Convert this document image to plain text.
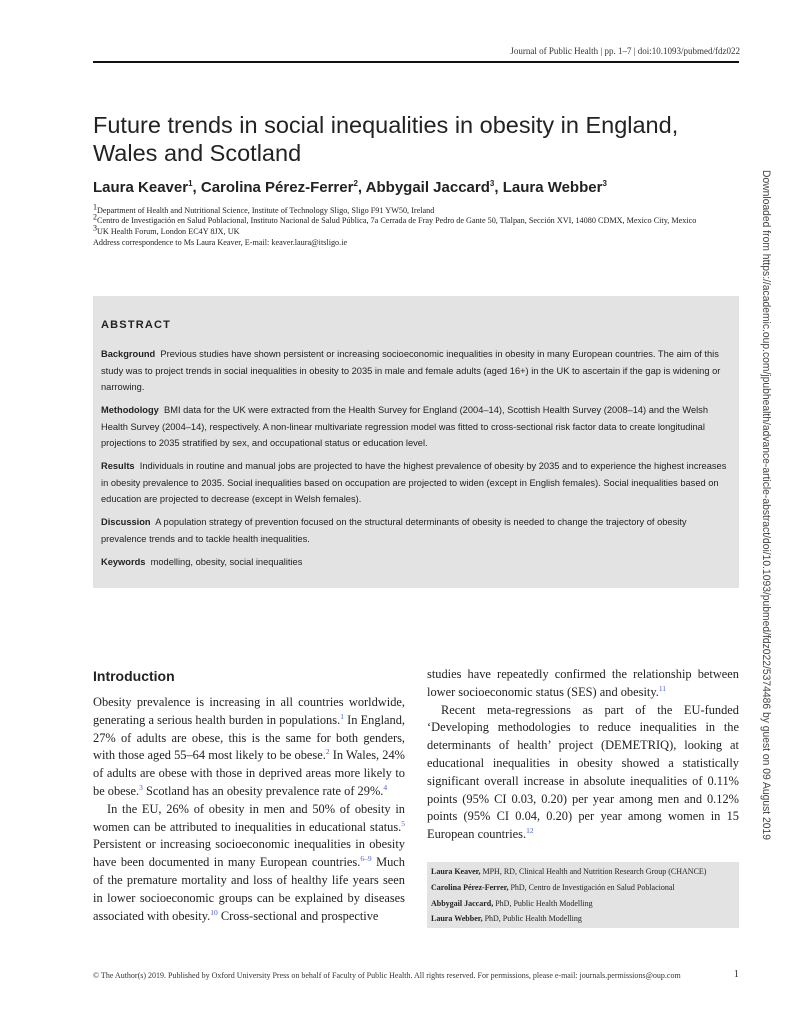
Journal of Public Health | pp. 1–7 | doi:10.1093/pubmed/fdz022
Future trends in social inequalities in obesity in England, Wales and Scotland
Laura Keaver$^1$, Carolina Pérez-Ferrer$^2$, Abbygail Jaccard$^3$, Laura Webber$^3$
$^1$Department of Health and Nutritional Science, Institute of Technology Sligo, Sligo F91 YW50, Ireland
$^2$Centro de Investigación en Salud Poblacional, Instituto Nacional de Salud Pública, 7a Cerrada de Fray Pedro de Gante 50, Tlalpan, Sección XVI, 14080 CDMX, Mexico City, Mexico
$^3$UK Health Forum, London EC4Y 8JX, UK
Address correspondence to Ms Laura Keaver, E-mail: keaver.laura@itsligo.ie	Downloaded from https://academic.oup.com/jpubhealth/advance-article-abstract/doi/10.1093/pubmed/fdz022/5374486 by guest on 09 August 2019
ABSTRACT
Background Previous studies have shown persistent or increasing socioeconomic inequalities in obesity in many European countries. The aim of this study was to project trends in social inequalities in obesity to 2035 in male and female adults (aged 16+) in the UK to ascertain if the gap is widening or narrowing.
Methodology BMI data for the UK were extracted from the Health Survey for England (2004–14), Scottish Health Survey (2008–14) and the Welsh Health Survey (2004–14), respectively. A non-linear multivariate regression model was fitted to cross-sectional risk factor data to create longitudinal projections to 2035 stratified by sex, and occupational status or education level.
Results Individuals in routine and manual jobs are projected to have the highest prevalence of obesity by 2035 and to experience the highest increases in obesity prevalence to 2035. Social inequalities based on occupation are projected to widen (except in English females). Social inequalities based on education are projected to decrease (except in Welsh females).
Discussion A population strategy of prevention focused on the structural determinants of obesity is needed to change the trajectory of obesity prevalence trends and to tackle health inequalities.
Keywords modelling, obesity, social inequalities
Introduction

Obesity prevalence is increasing in all countries worldwide, generating a serious health burden in populations.$^1$ In England, 27% of adults are obese, this is the same for both genders, with those aged 55–64 most likely to be obese.$^2$ In Wales, 24% of adults are obese with those in deprived areas more likely to be obese.$^3$ Scotland has an obesity prevalence rate of 29%.$^4$

In the EU, 26% of obesity in men and 50% of obesity in women can be attributed to inequalities in educational status.$^5$ Persistent or increasing socioeconomic inequalities in obesity have been documented in many European countries.$^{6-9}$ Much of the premature mortality and loss of healthy life years seen in lower socioeconomic groups can be explained by diseases associated with obesity.$^{10}$ Cross-sectional and prospective

studies have repeatedly confirmed the relationship between lower socioeconomic status (SES) and obesity.$^{11}$

Recent meta-regressions as part of the EU-funded ‘Developing methodologies to reduce inequalities in the determinants of health’ project (DEMETRIQ), looking at educational inequalities in obesity showed a statistically significant overall increase in absolute inequalities of 0.11% points (95% CI 0.03, 0.20) per year among men and 0.12% points (95% CI 0.04, 0.20) per year among women in 15 European countries.$^{12}$

Laura Keaver, MPH, RD, Clinical Health and Nutrition Research Group (CHANCE)
Carolina Pérez-Ferrer, PhD, Centro de Investigación en Salud Poblacional
Abbygail Jaccard, PhD, Public Health Modelling
Laura Webber, PhD, Public Health Modelling
© The Author(s) 2019. Published by Oxford University Press on behalf of Faculty of Public Health. All rights reserved. For permissions, please e-mail: journals.permissions@oup.com	1
